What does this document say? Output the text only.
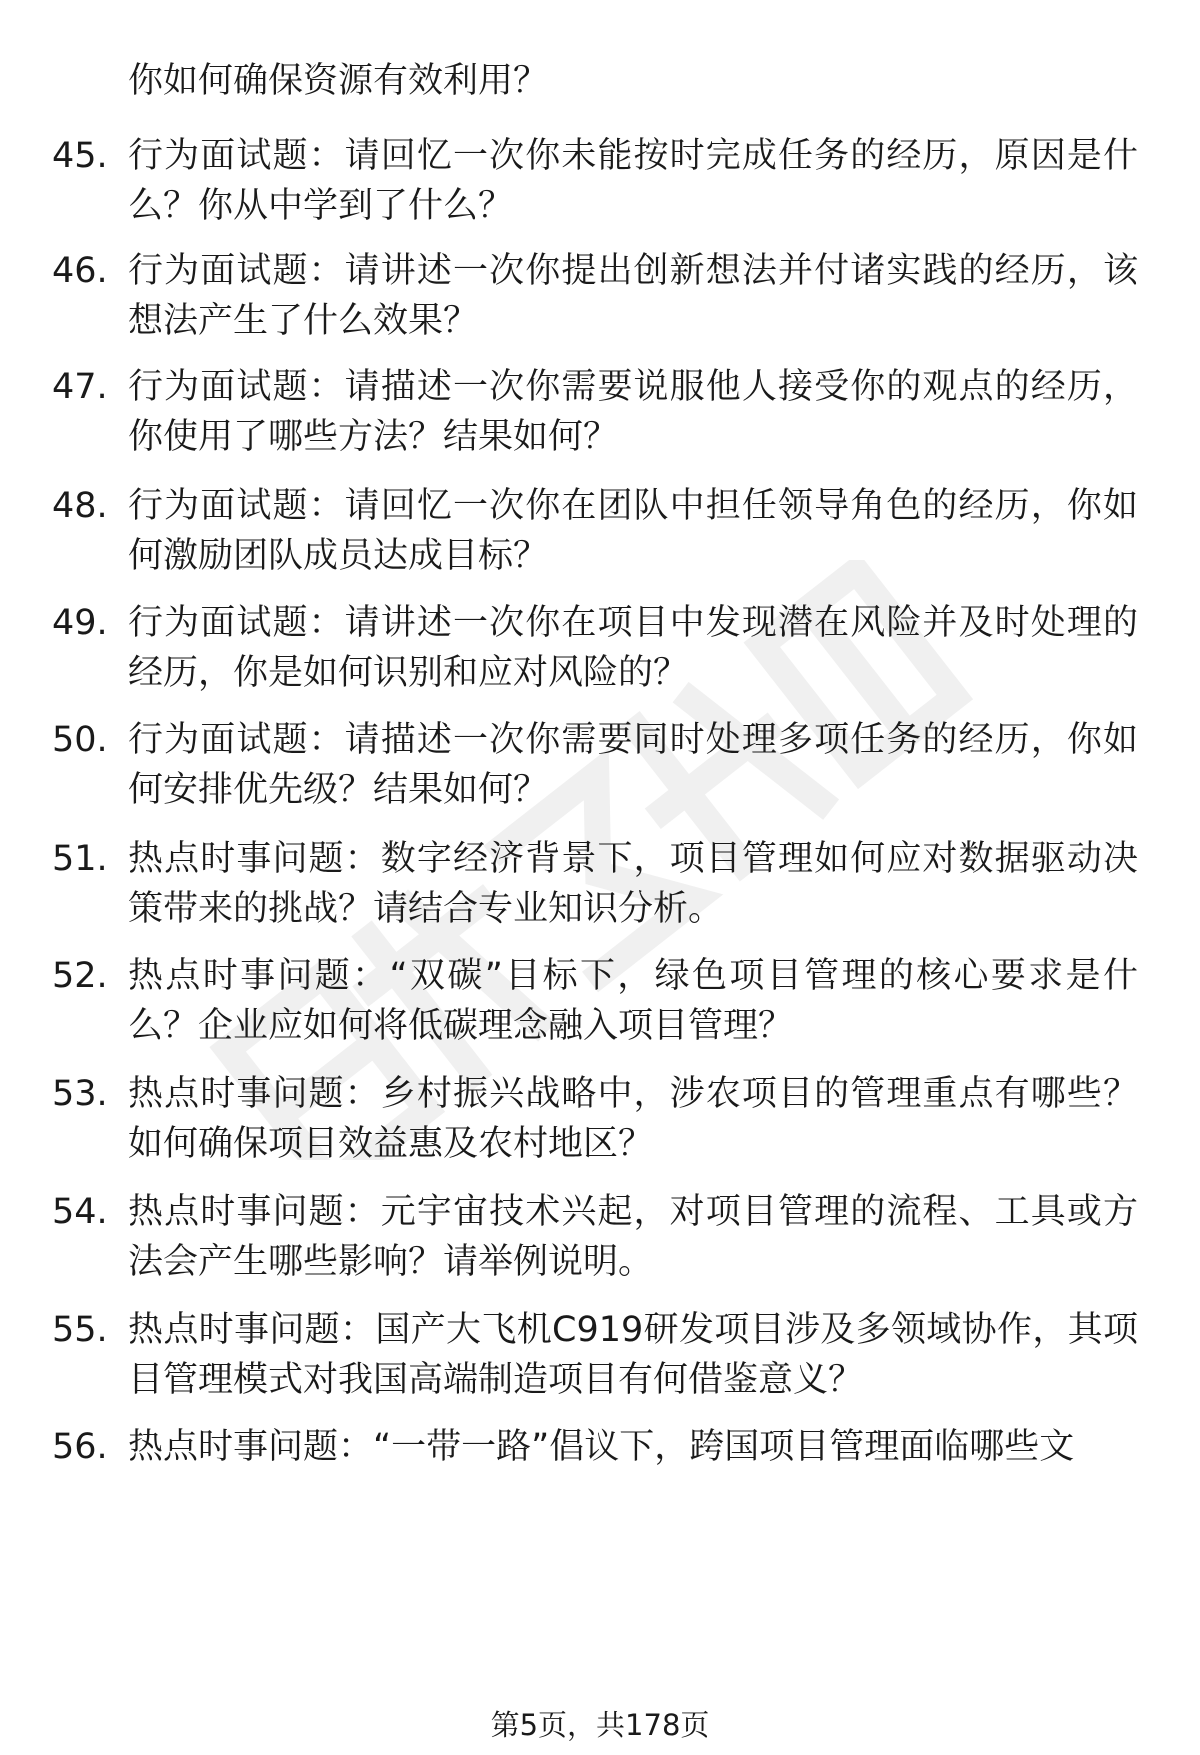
你如何确保资源有效利用？
45. 行为面试题：请回忆一次你未能按时完成任务的经历，原因是什么？你从中学到了什么？
46. 行为面试题：请讲述一次你提出创新想法并付诸实践的经历，该想法产生了什么效果？
47. 行为面试题：请描述一次你需要说服他人接受你的观点的经历，你使用了哪些方法？结果如何？
48. 行为面试题：请回忆一次你在团队中担任领导角色的经历，你如何激励团队成员达成目标？
49. 行为面试题：请讲述一次你在项目中发现潜在风险并及时处理的经历，你是如何识别和应对风险的？
50. 行为面试题：请描述一次你需要同时处理多项任务的经历，你如何安排优先级？结果如何？
51. 热点时事问题：数字经济背景下，项目管理如何应对数据驱动决策带来的挑战？请结合专业知识分析。
52. 热点时事问题：“双碳”目标下，绿色项目管理的核心要求是什么？企业应如何将低碳理念融入项目管理？
53. 热点时事问题：乡村振兴战略中，涉农项目的管理重点有哪些？如何确保项目效益惠及农村地区？
54. 热点时事问题：元宇宙技术兴起，对项目管理的流程、工具或方法会产生哪些影响？请举例说明。
55. 热点时事问题：国产大飞机C919研发项目涉及多领域协作，其项目管理模式对我国高端制造项目有何借鉴意义？
56. 热点时事问题：“一带一路”倡议下，跨国项目管理面临哪些文
第5页，共178页
